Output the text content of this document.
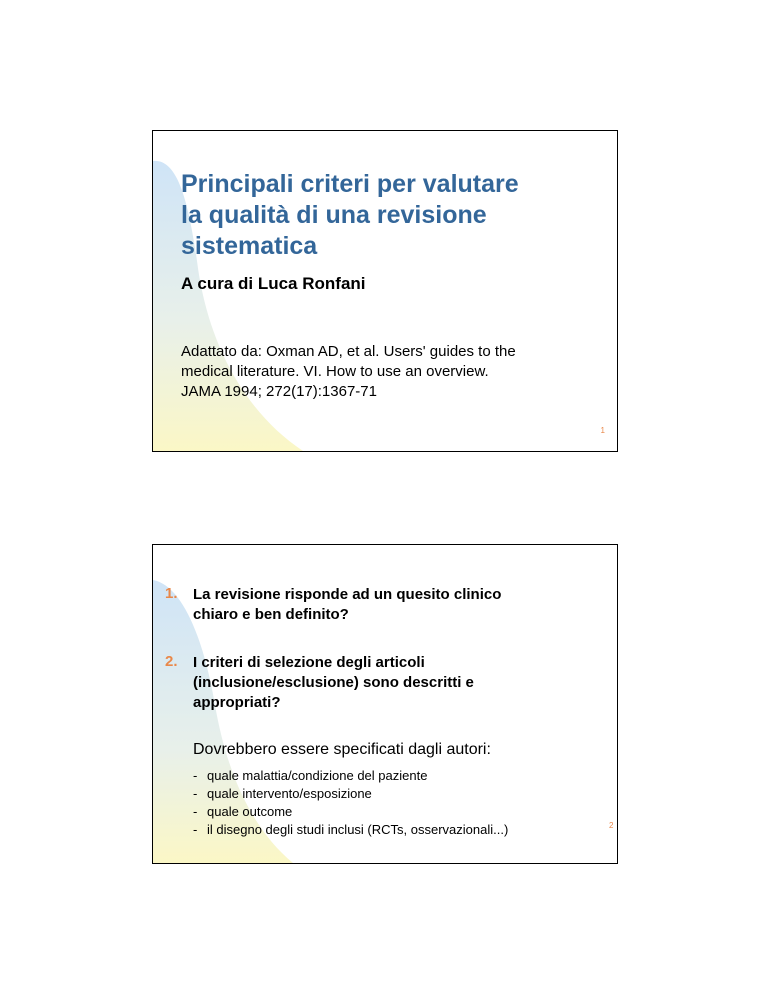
Principali criteri per valutare
la qualità di una revisione
sistematica

A cura di Luca Ronfani

Adattato da: Oxman AD, et al. Users' guides to the
medical literature. VI. How to use an overview.
JAMA 1994; 272(17):1367-71

1
1. La revisione risponde ad un quesito clinico
chiaro e ben definito?
2. I criteri di selezione degli articoli
(inclusione/esclusione) sono descritti e
appropriati?

Dovrebbero essere specificati dagli autori:

- quale malattia/condizione del paziente
- quale intervento/esposizione
- quale outcome
- il disegno degli studi inclusi (RCTs, osservazionali...)	2
